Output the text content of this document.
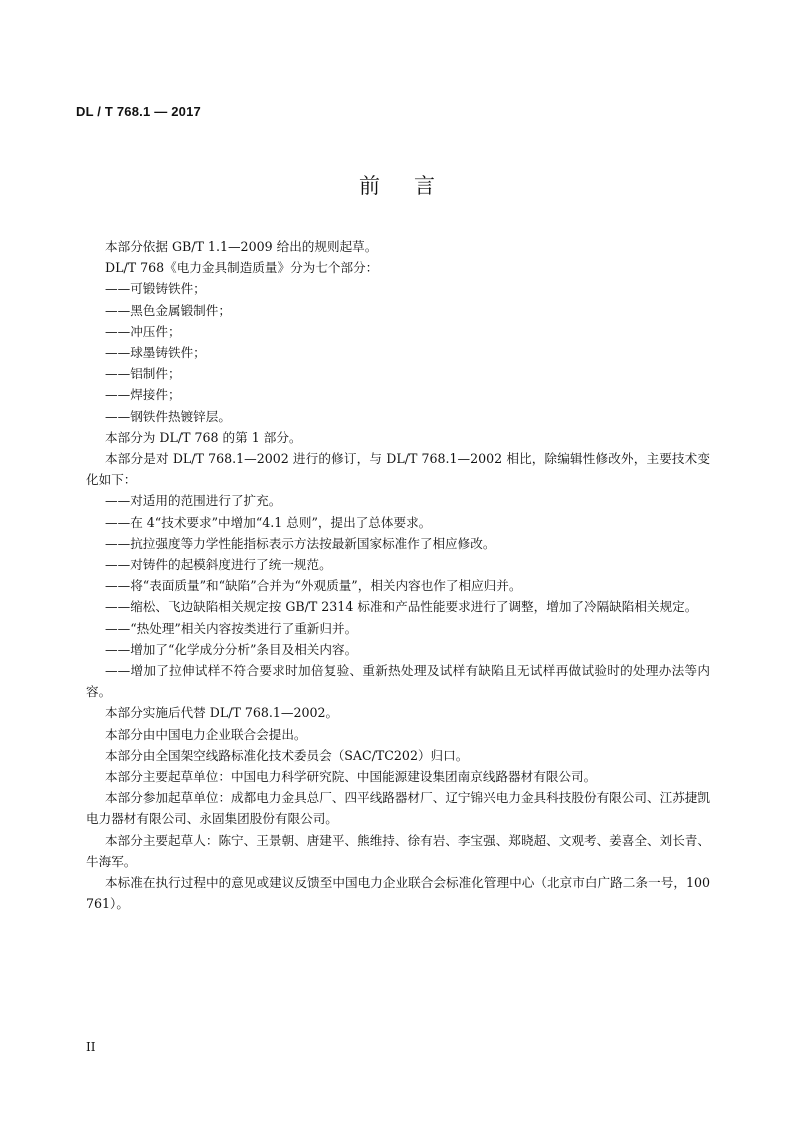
DL / T 768.1 — 2017
前言

本部分依据 GB/T 1.1—2009 给出的规则起草。

DL/T 768《电力金具制造质量》分为七个部分：

——可锻铸铁件；

——黑色金属锻制件；

——冲压件；

——球墨铸铁件；

——铝制件；

——焊接件；

——钢铁件热镀锌层。

本部分为 DL/T 768 的第 1 部分。

本部分是对 DL/T 768.1—2002 进行的修订，与 DL/T 768.1—2002 相比，除编辑性修改外，主要技术变化如下：

——对适用的范围进行了扩充。

——在 4“技术要求”中增加“4.1 总则”，提出了总体要求。

——抗拉强度等力学性能指标表示方法按最新国家标准作了相应修改。

——对铸件的起模斜度进行了统一规范。

——将“表面质量”和“缺陷”合并为“外观质量”，相关内容也作了相应归并。

——缩松、飞边缺陷相关规定按 GB/T 2314 标准和产品性能要求进行了调整，增加了冷隔缺陷相关规定。

——“热处理”相关内容按类进行了重新归并。

——增加了“化学成分分析”条目及相关内容。

——增加了拉伸试样不符合要求时加倍复验、重新热处理及试样有缺陷且无试样再做试验时的处理办法等内容。

本部分实施后代替 DL/T 768.1—2002。

本部分由中国电力企业联合会提出。

本部分由全国架空线路标准化技术委员会（SAC/TC202）归口。

本部分主要起草单位：中国电力科学研究院、中国能源建设集团南京线路器材有限公司。

本部分参加起草单位：成都电力金具总厂、四平线路器材厂、辽宁锦兴电力金具科技股份有限公司、江苏捷凯电力器材有限公司、永固集团股份有限公司。

本部分主要起草人：陈宁、王景朝、唐建平、熊维持、徐有岩、李宝强、郑晓超、文观考、姜喜全、刘长青、牛海军。

本标准在执行过程中的意见或建议反馈至中国电力企业联合会标准化管理中心（北京市白广路二条一号，100761）。

II
